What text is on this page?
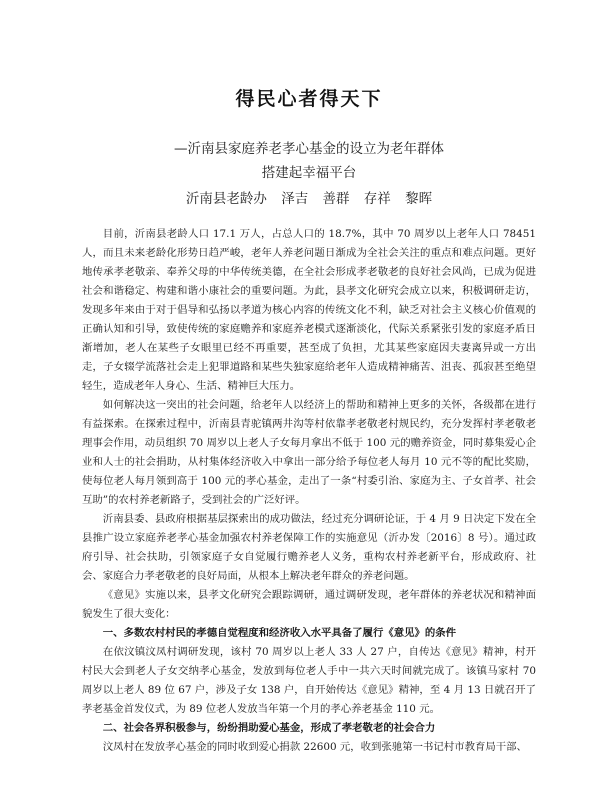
得民心者得天下
—沂南县家庭养老孝心基金的设立为老年群体
搭建起幸福平台
沂南县老龄办 泽吉 善群 存祥 黎晖

目前，沂南县老龄人口 17.1 万人，占总人口的 18.7%，其中 70 周岁以上老年人口 78451 人，而且未来老龄化形势日趋严峻，老年人养老问题日渐成为全社会关注的重点和难点问题。更好地传承孝老敬亲、奉养父母的中华传统美德，在全社会形成孝老敬老的良好社会风尚，已成为促进社会和谐稳定、构建和谐小康社会的重要问题。为此，县孝文化研究会成立以来，积极调研走访，发现多年来由于对于倡导和弘扬以孝道为核心内容的传统文化不利，缺乏对社会主义核心价值观的正确认知和引导，致使传统的家庭赡养和家庭养老模式逐渐淡化，代际关系紧张引发的家庭矛盾日渐增加，老人在某些子女眼里已经不再重要，甚至成了负担，尤其某些家庭因夫妻离异或一方出走，子女辍学流落社会走上犯罪道路和某些失独家庭给老年人造成精神痛苦、沮丧、孤寂甚至绝望轻生，造成老年人身心、生活、精神巨大压力。

如何解决这一突出的社会问题，给老年人以经济上的帮助和精神上更多的关怀，各级都在进行有益探索。在探索过程中，沂南县青驼镇两井沟等村依靠孝老敬老村规民约，充分发挥村孝老敬老理事会作用，动员组织 70 周岁以上老人子女每月拿出不低于 100 元的赡养资金，同时募集爱心企业和人士的社会捐助，从村集体经济收入中拿出一部分给予每位老人每月 10 元不等的配比奖励，使每位老人每月领到高于 100 元的孝心基金，走出了一条“村委引治、家庭为主、子女首孝、社会互助”的农村养老新路子，受到社会的广泛好评。

沂南县委、县政府根据基层探索出的成功做法，经过充分调研论证，于 4 月 9 日决定下发在全县推广设立家庭养老孝心基金加强农村养老保障工作的实施意见（沂办发〔2016〕8 号）。通过政府引导、社会扶助，引领家庭子女自觉履行赡养老人义务，重构农村养老新平台，形成政府、社会、家庭合力孝老敬老的良好局面，从根本上解决老年群众的养老问题。

《意见》实施以来，县孝文化研究会跟踪调研，通过调研发现，老年群体的养老状况和精神面貌发生了很大变化：

一、多数农村村民的孝德自觉程度和经济收入水平具备了履行《意见》的条件

在依汶镇汶凤村调研发现，该村 70 周岁以上老人 33 人 27 户，自传达《意见》精神，村开村民大会到老人子女交纳孝心基金，发放到每位老人手中一共六天时间就完成了。该镇马家村 70 周岁以上老人 89 位 67 户，涉及子女 138 户，自开始传达《意见》精神，至 4 月 13 日就召开了孝老基金首发仪式，为 89 位老人发放当年第一个月的孝心养老基金 110 元。

二、社会各界积极参与，纷纷捐助爱心基金，形成了孝老敬老的社会合力

汶凤村在发放孝心基金的同时收到爱心捐款 22600 元，收到张驰第一书记村市教育局干部、
